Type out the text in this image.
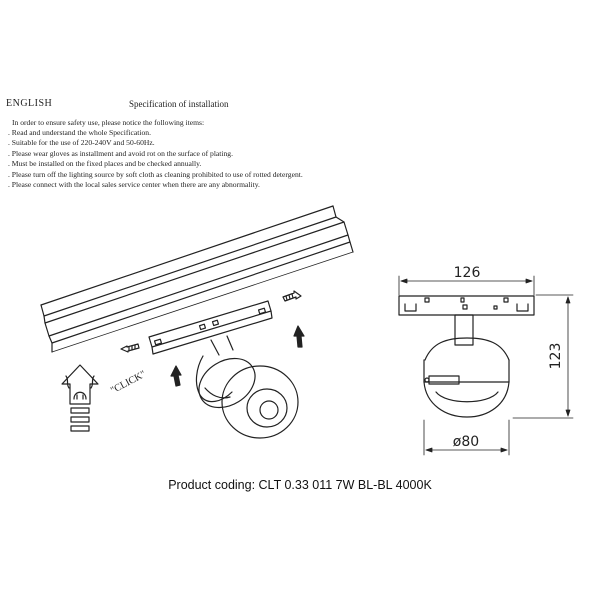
ENGLISH	Specification of installation
In order to ensure safety use, please notice the following items:
. Read and understand the whole Specification.
. Suitable for the use of 220-240V and 50-60Hz.
. Please wear gloves as installment and avoid rot on the surface of plating.
. Must be installed on the fixed places and be checked annually.
. Please turn off the lighting source by soft cloth as cleaning prohibited to use of rotted detergent.
. Please connect with the local sales service center when there are any abnormality.
"CLICK"
126
123
ø80
Product coding: CLT 0.33 011 7W BL-BL 4000K
